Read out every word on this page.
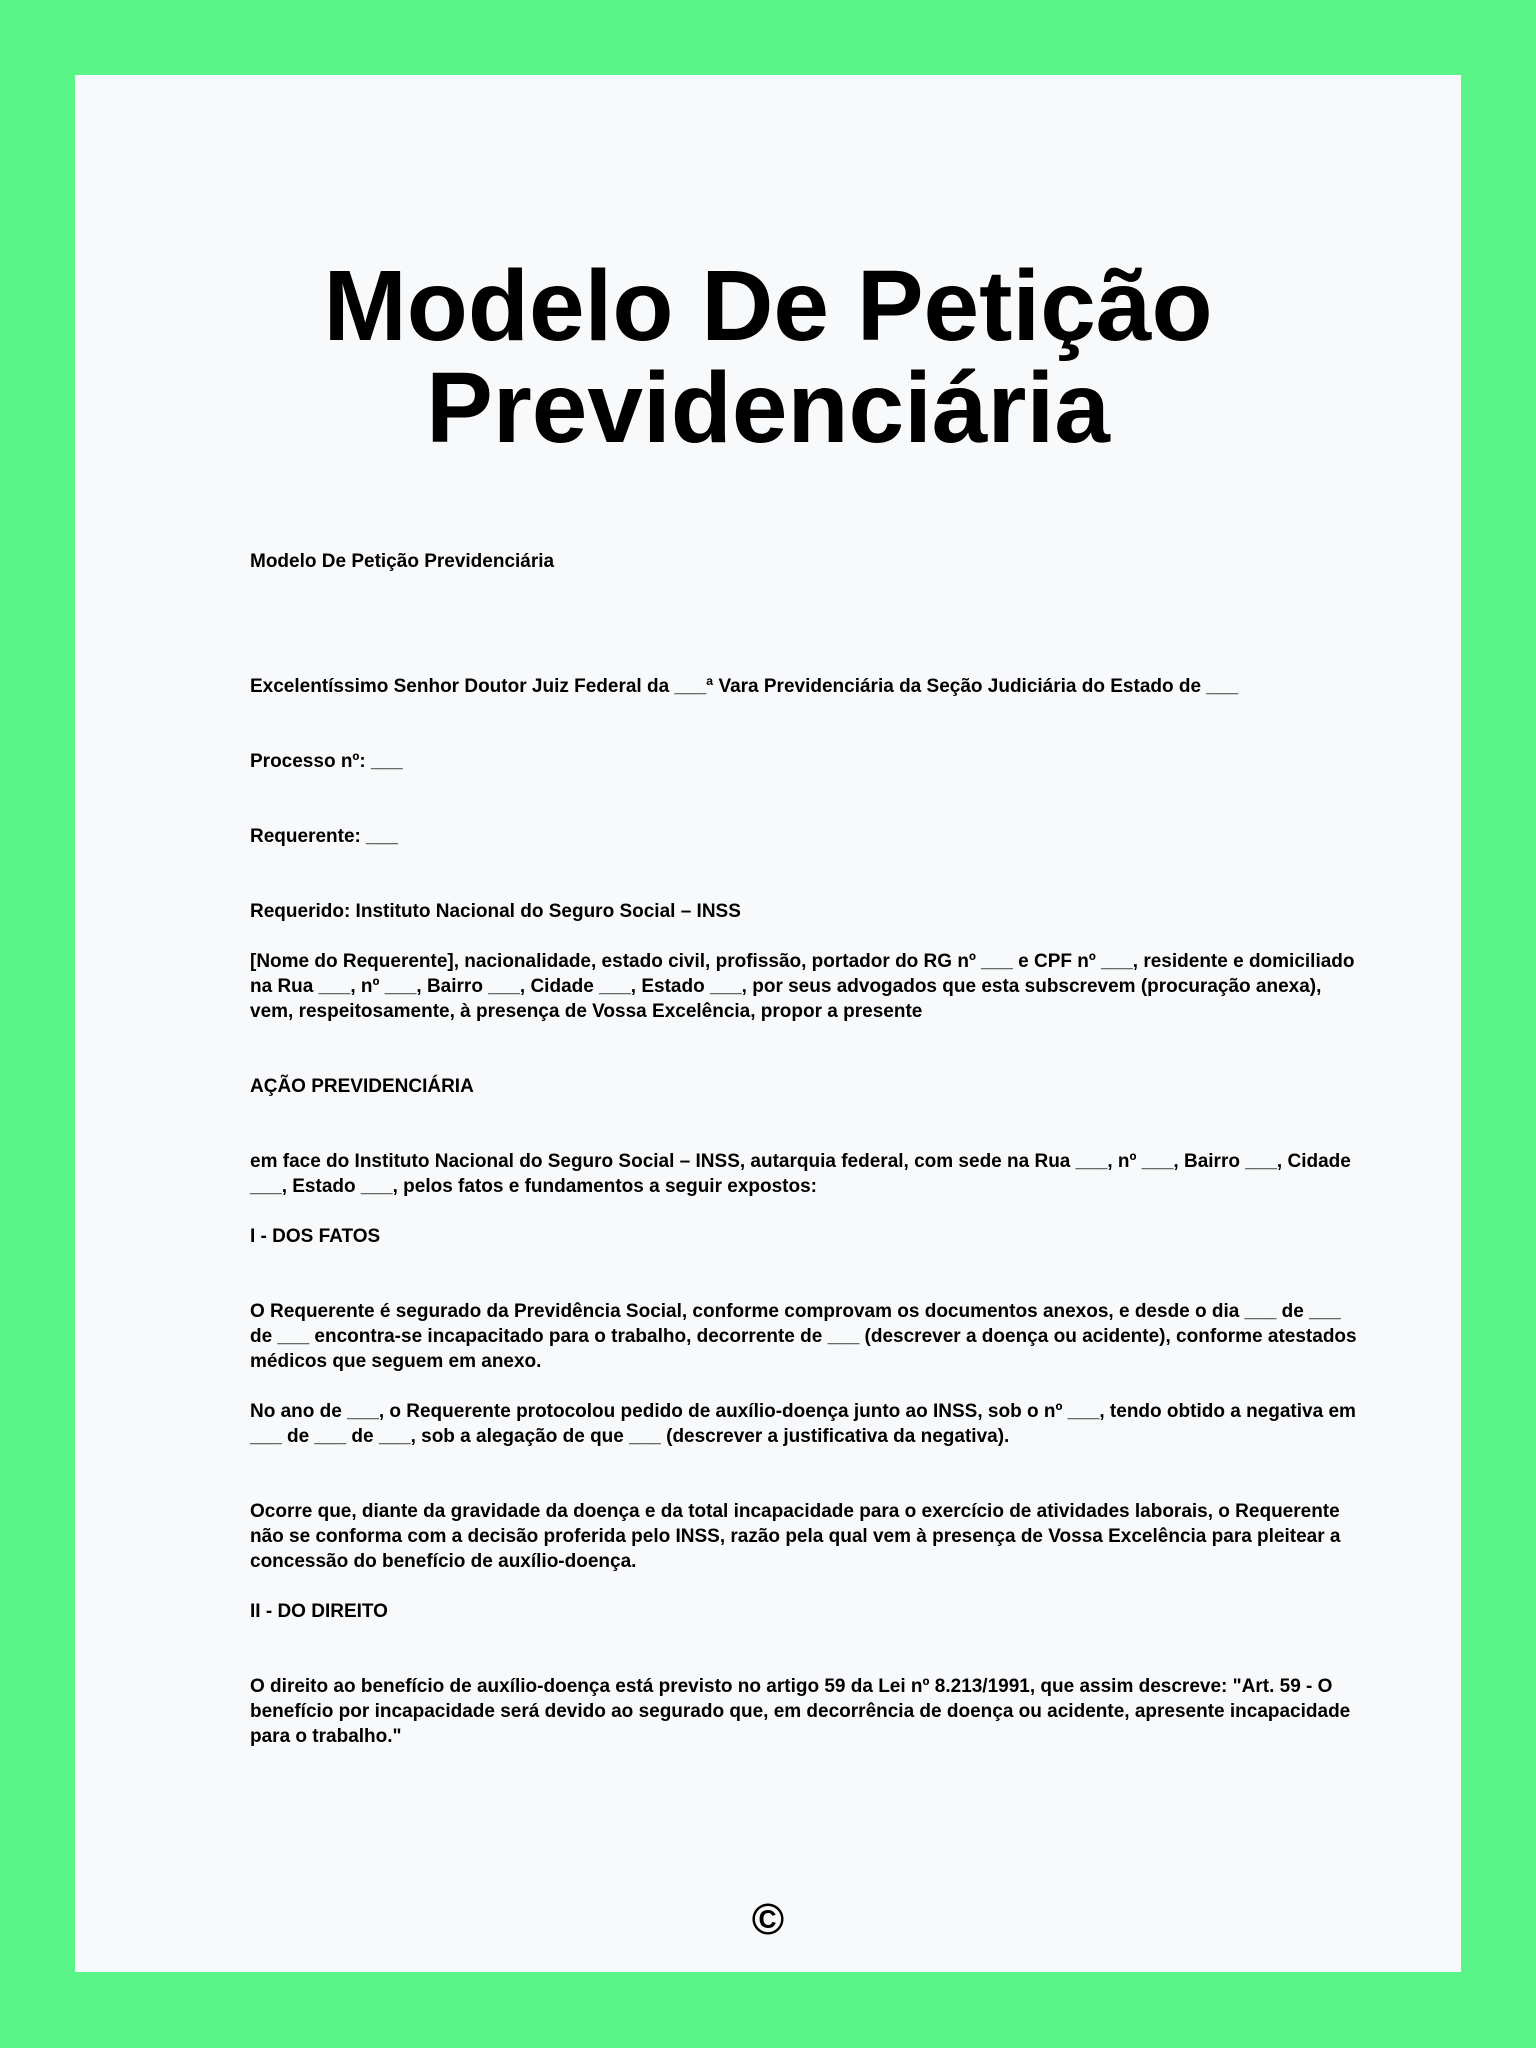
Modelo De Petição Previdenciária

Modelo De Petição Previdenciária

Excelentíssimo Senhor Doutor Juiz Federal da ___ª Vara Previdenciária da Seção Judiciária do Estado de ___

Processo nº: ___

Requerente: ___

Requerido: Instituto Nacional do Seguro Social – INSS

[Nome do Requerente], nacionalidade, estado civil, profissão, portador do RG nº ___ e CPF nº ___, residente e domiciliado na Rua ___, nº ___, Bairro ___, Cidade ___, Estado ___, por seus advogados que esta subscrevem (procuração anexa), vem, respeitosamente, à presença de Vossa Excelência, propor a presente

AÇÃO PREVIDENCIÁRIA

em face do Instituto Nacional do Seguro Social – INSS, autarquia federal, com sede na Rua ___, nº ___, Bairro ___, Cidade ___, Estado ___, pelos fatos e fundamentos a seguir expostos:

I - DOS FATOS

O Requerente é segurado da Previdência Social, conforme comprovam os documentos anexos, e desde o dia ___ de ___ de ___ encontra-se incapacitado para o trabalho, decorrente de ___ (descrever a doença ou acidente), conforme atestados médicos que seguem em anexo.

No ano de ___, o Requerente protocolou pedido de auxílio-doença junto ao INSS, sob o nº ___, tendo obtido a negativa em ___ de ___ de ___, sob a alegação de que ___ (descrever a justificativa da negativa).

Ocorre que, diante da gravidade da doença e da total incapacidade para o exercício de atividades laborais, o Requerente não se conforma com a decisão proferida pelo INSS, razão pela qual vem à presença de Vossa Excelência para pleitear a concessão do benefício de auxílio-doença.

II - DO DIREITO

O direito ao benefício de auxílio-doença está previsto no artigo 59 da Lei nº 8.213/1991, que assim descreve: "Art. 59 - O benefício por incapacidade será devido ao segurado que, em decorrência de doença ou acidente, apresente incapacidade para o trabalho."

©
